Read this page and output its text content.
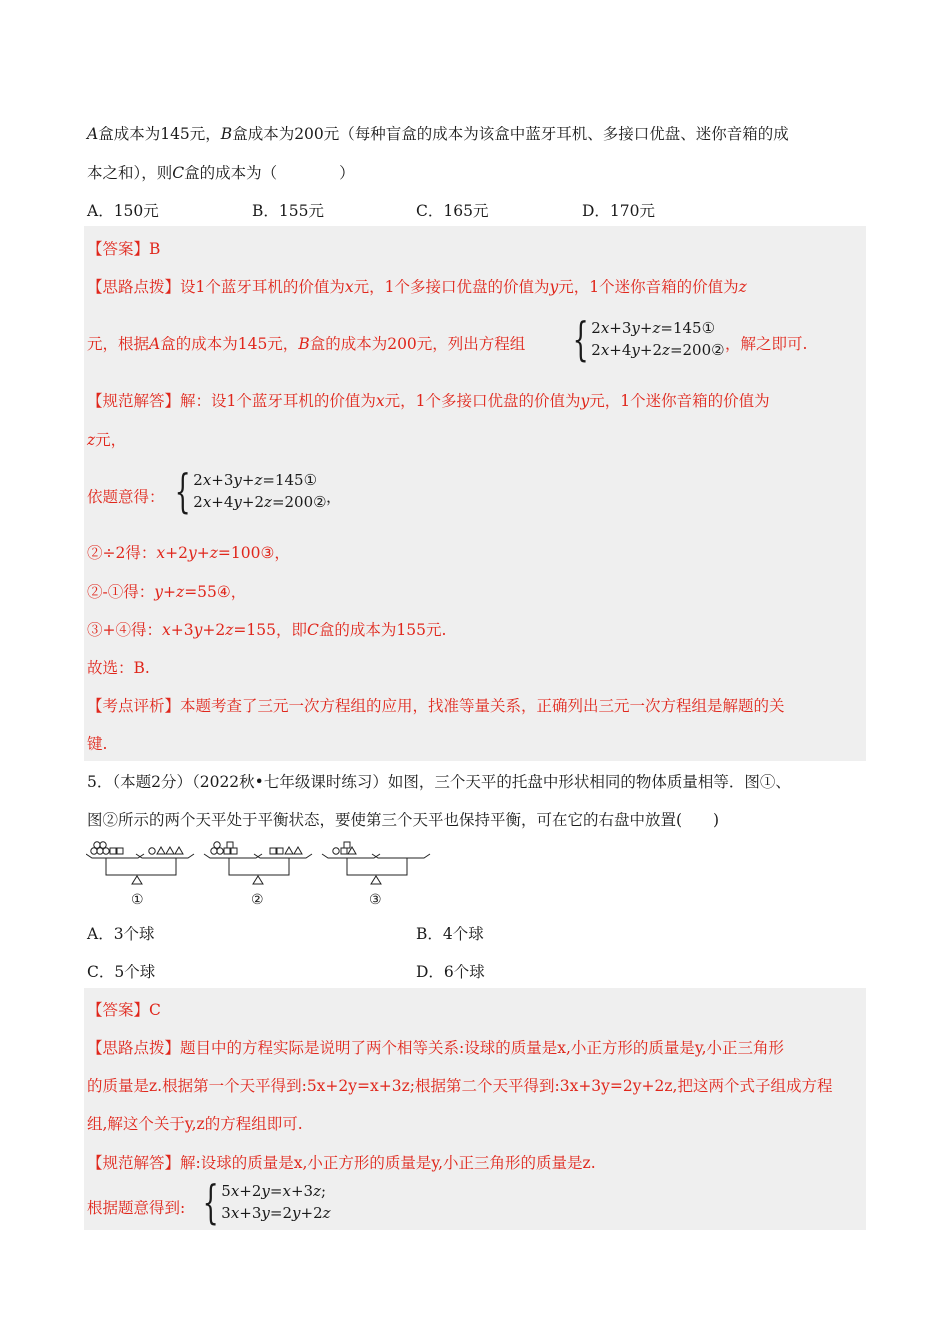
A盒成本为145元，B盒成本为200元（每种盲盒的成本为该盒中蓝牙耳机、多接口优盘、迷你音箱的成
本之和），则C盒的成本为（　　　　）
A．150元	B．155元	C．165元	D．170元
【答案】B
【思路点拨】设1个蓝牙耳机的价值为x元，1个多接口优盘的价值为y元，1个迷你音箱的价值为z
元，根据A盒的成本为145元，B盒的成本为200元，列出方程组 { 2x+3y+z=145①
2x+4y+2z=200② ，解之即可.
【规范解答】解：设1个蓝牙耳机的价值为x元，1个多接口优盘的价值为y元，1个迷你音箱的价值为
z元，
依题意得： { 2x+3y+z=145①
2x+4y+2z=200② ，
②÷2得：x+2y+z=100③，
②-①得：y+z=55④，
③+④得：x+3y+2z=155，即C盒的成本为155元.
故选：B.
【考点评析】本题考查了三元一次方程组的应用，找准等量关系，正确列出三元一次方程组是解题的关
键.
5．（本题2分）（2022秋•七年级课时练习）如图，三个天平的托盘中形状相同的物体质量相等．图①、
图②所示的两个天平处于平衡状态，要使第三个天平也保持平衡，可在它的右盘中放置(　　)
①	②	③
A．3个球	B．4个球
C．5个球	D．6个球
【答案】C
【思路点拨】题目中的方程实际是说明了两个相等关系:设球的质量是x,小正方形的质量是y,小正三角形
的质量是z.根据第一个天平得到:5x+2y=x+3z;根据第二个天平得到:3x+3y=2y+2z,把这两个式子组成方程
组,解这个关于y,z的方程组即可.
【规范解答】解:设球的质量是x,小正方形的质量是y,小正三角形的质量是z.
根据题意得到: { 5x+2y=x+3z;
3x+3y=2y+2z
